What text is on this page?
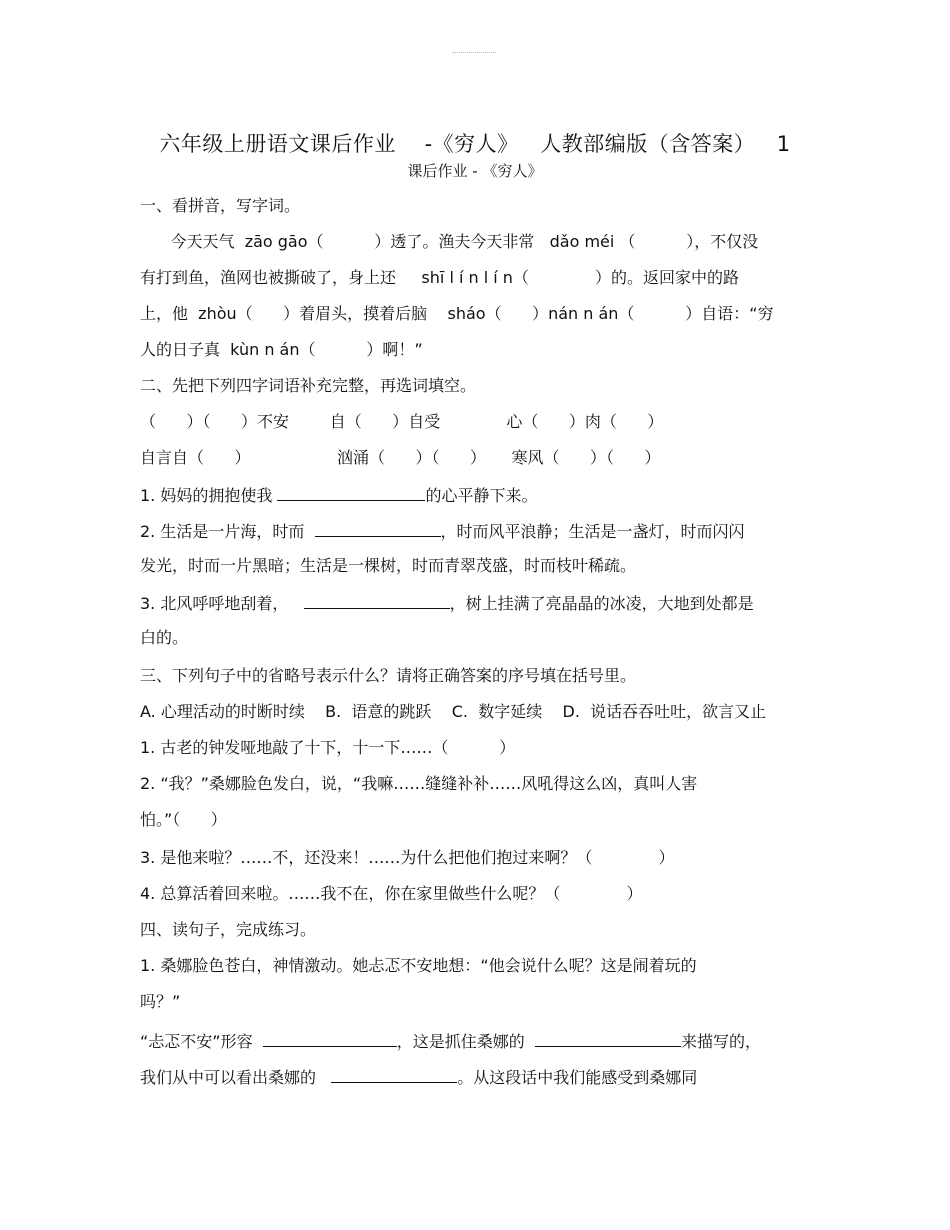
六年级上册语文课后作业    -《穷人》   人教部编版（含答案）   1
课后作业 - 《穷人》
一、看拼音，写字词。
今天天气  zāo gāo（          ）透了。渔夫今天非常   dǎo méi （          ），不仅没
有打到鱼，渔网也被撕破了，身上还     shī l í n l í n（             ）的。返回家中的路
上，他  zhòu（      ）着眉头，摸着后脑    sháo（      ）nán n án（          ）自语：“穷
人的日子真  kùn n án（          ）啊！”
二、先把下列四字词语补充完整，再选词填空。
（      ）（      ）不安        自（      ）自受             心（      ）肉（      ）
自言自（      ）                 汹涌（      ）（      ）     寒风（      ）（      ）
1. 妈妈的拥抱使我	的心平静下来。
2. 生活是一片海，时而	，时而风平浪静；生活是一盏灯，时而闪闪
发光，时而一片黑暗；生活是一棵树，时而青翠茂盛，时而枝叶稀疏。
3. 北风呼呼地刮着，	，树上挂满了亮晶晶的冰凌，大地到处都是
白的。
三、下列句子中的省略号表示什么？请将正确答案的序号填在括号里。
A. 心理活动的时断时续    B.  语意的跳跃    C.  数字延续    D.  说话吞吞吐吐，欲言又止
1. 古老的钟发哑地敲了十下，十一下……（          ）
2. “我？”桑娜脸色发白，说，“我嘛……缝缝补补……风吼得这么凶，真叫人害
怕。”（      ）
3. 是他来啦？……不，还没来！……为什么把他们抱过来啊？（             ）
4. 总算活着回来啦。……我不在，你在家里做些什么呢？（             ）
四、读句子，完成练习。
1. 桑娜脸色苍白，神情激动。她忐忑不安地想：“他会说什么呢？这是闹着玩的
吗？”
“忐忑不安”形容	，这是抓住桑娜的	来描写的，
我们从中可以看出桑娜的	。从这段话中我们能感受到桑娜同
